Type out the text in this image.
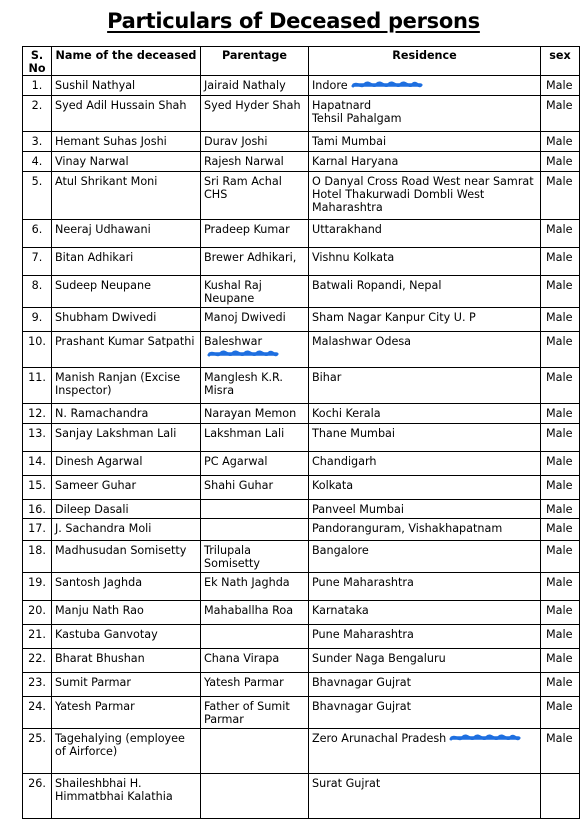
Particulars of Deceased persons
S. No	Name of the deceased	Parentage	Residence	sex
1.	Sushil Nathyal	Jairaid Nathaly	Indore	Male
2.	Syed Adil Hussain Shah	Syed Hyder Shah	Hapatnard
Tehsil Pahalgam	Male
3.	Hemant Suhas Joshi	Durav Joshi	Tami Mumbai	Male
4.	Vinay Narwal	Rajesh Narwal	Karnal Haryana	Male
5.	Atul Shrikant Moni	Sri Ram Achal CHS	O Danyal Cross Road West near Samrat Hotel Thakurwadi Dombli West Maharashtra	Male
6.	Neeraj Udhawani	Pradeep Kumar	Uttarakhand	Male
7.	Bitan Adhikari	Brewer Adhikari,	Vishnu Kolkata	Male
8.	Sudeep Neupane	Kushal Raj Neupane	Batwali Ropandi, Nepal	Male
9.	Shubham Dwivedi	Manoj Dwivedi	Sham Nagar Kanpur City U. P	Male
10.	Prashant Kumar Satpathi	Baleshwar	Malashwar Odesa	Male
11.	Manish Ranjan (Excise Inspector)	Manglesh K.R. Misra	Bihar	Male
12.	N. Ramachandra	Narayan Memon	Kochi Kerala	Male
13.	Sanjay Lakshman Lali	Lakshman Lali	Thane Mumbai	Male
14.	Dinesh Agarwal	PC Agarwal	Chandigarh	Male
15.	Sameer Guhar	Shahi Guhar	Kolkata	Male
16.	Dileep Dasali		Panveel Mumbai	Male
17.	J. Sachandra Moli		Pandoranguram, Vishakhapatnam	Male
18.	Madhusudan Somisetty	Trilupala Somisetty	Bangalore	Male
19.	Santosh Jaghda	Ek Nath Jaghda	Pune Maharashtra	Male
20.	Manju Nath Rao	Mahaballha Roa	Karnataka	Male
21.	Kastuba Ganvotay		Pune Maharashtra	Male
22.	Bharat Bhushan	Chana Virapa	Sunder Naga Bengaluru	Male
23.	Sumit Parmar	Yatesh Parmar	Bhavnagar Gujrat	Male
24.	Yatesh Parmar	Father of Sumit Parmar	Bhavnagar Gujrat	Male
25.	Tagehalying (employee of Airforce)		Zero Arunachal Pradesh	Male
26.	Shaileshbhai H. Himmatbhai Kalathia		Surat Gujrat	
